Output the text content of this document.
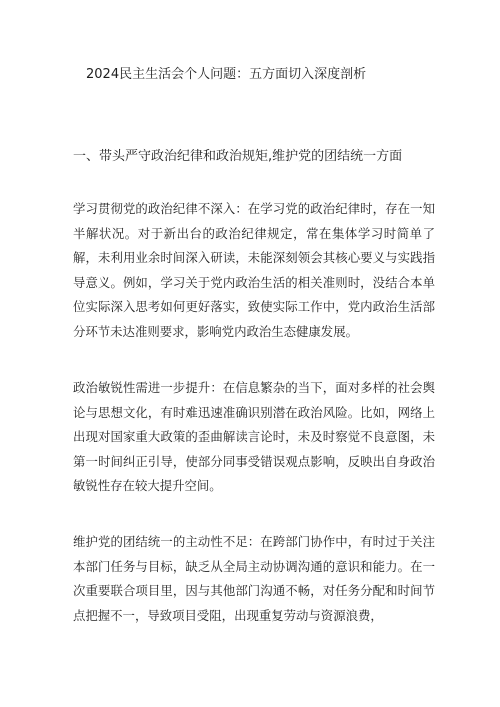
2024民主生活会个人问题：五方面切入深度剖析
一、带头严守政治纪律和政治规矩,维护党的团结统一方面

学习贯彻党的政治纪律不深入：在学习党的政治纪律时，存在一知半解状况。对于新出台的政治纪律规定，常在集体学习时简单了解，未利用业余时间深入研读，未能深刻领会其核心要义与实践指导意义。例如，学习关于党内政治生活的相关准则时，没结合本单位实际深入思考如何更好落实，致使实际工作中，党内政治生活部分环节未达准则要求，影响党内政治生态健康发展。

政治敏锐性需进一步提升：在信息繁杂的当下，面对多样的社会舆论与思想文化，有时难迅速准确识别潜在政治风险。比如，网络上出现对国家重大政策的歪曲解读言论时，未及时察觉不良意图，未第一时间纠正引导，使部分同事受错误观点影响，反映出自身政治敏锐性存在较大提升空间。

维护党的团结统一的主动性不足：在跨部门协作中，有时过于关注本部门任务与目标，缺乏从全局主动协调沟通的意识和能力。在一次重要联合项目里，因与其他部门沟通不畅，对任务分配和时间节点把握不一，导致项目受阻，出现重复劳动与资源浪费，
